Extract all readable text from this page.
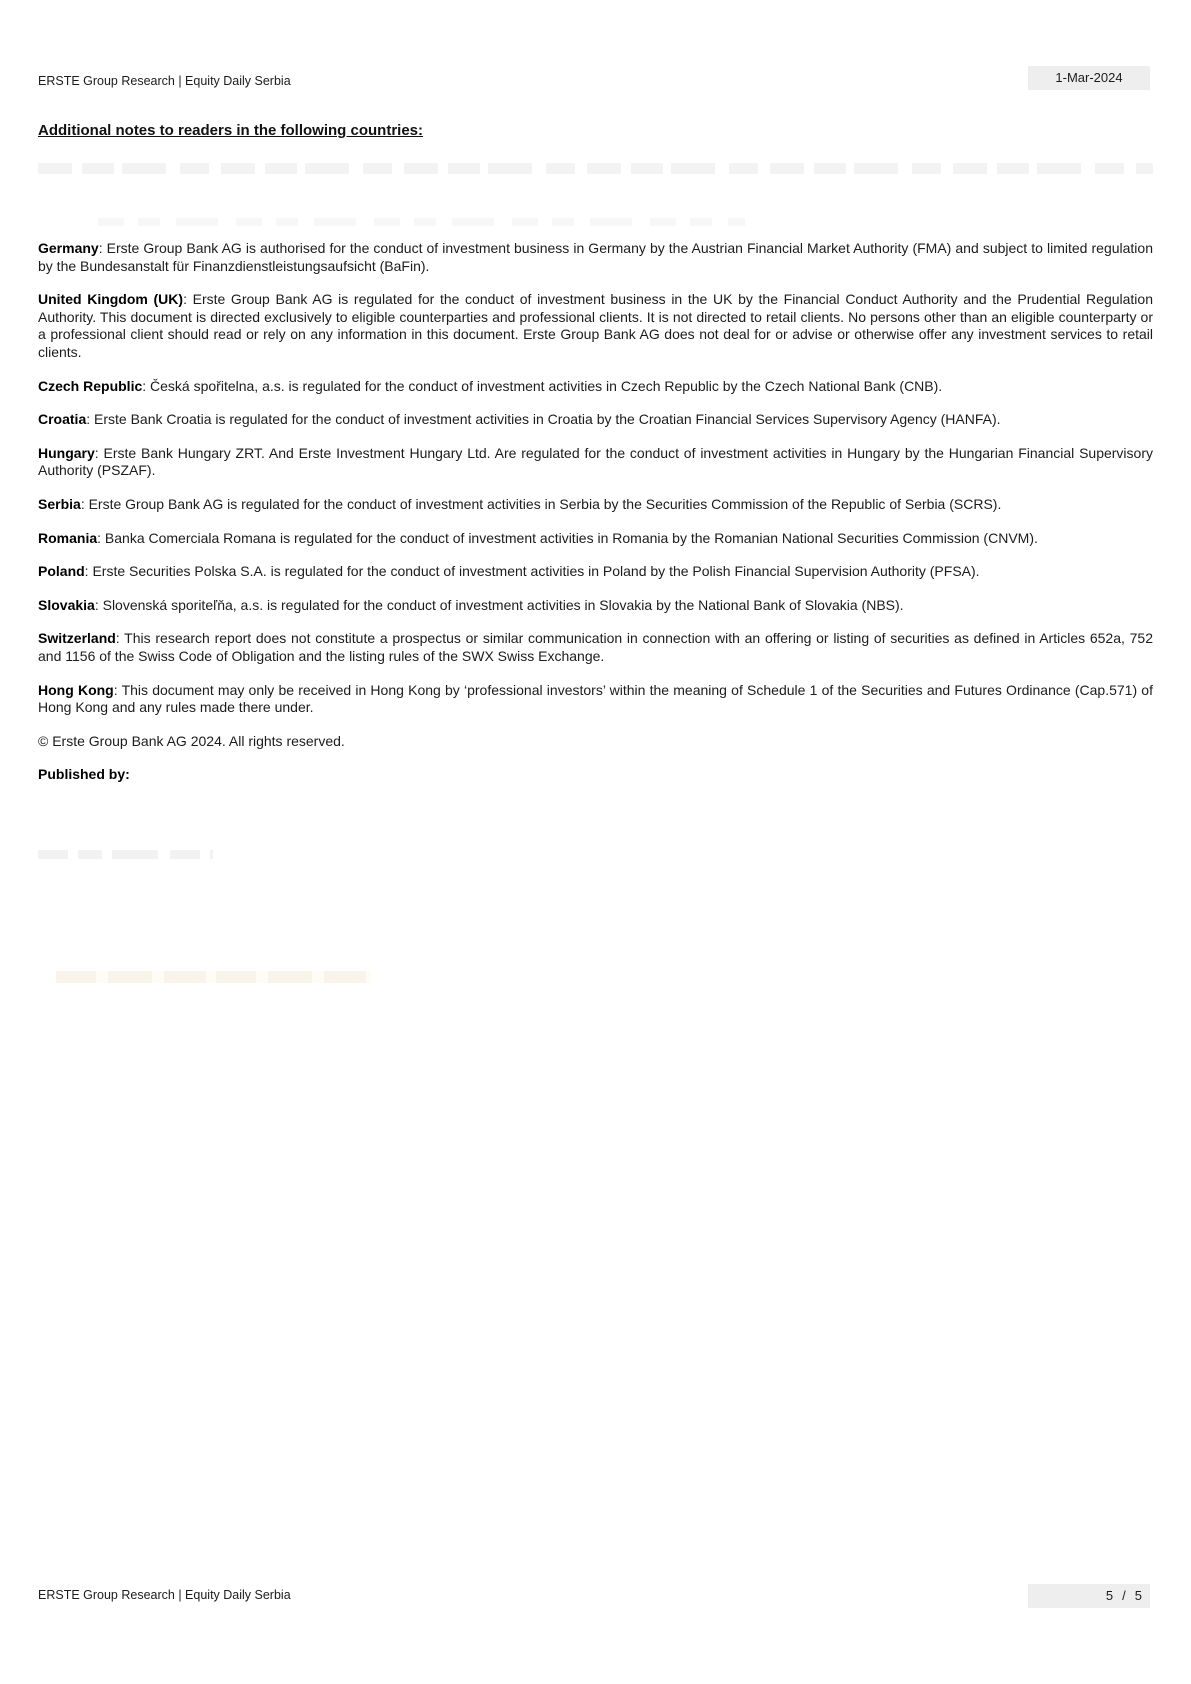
ERSTE Group Research | Equity Daily Serbia	1-Mar-2024
Additional notes to readers in the following countries:

Germany: Erste Group Bank AG is authorised for the conduct of investment business in Germany by the Austrian Financial Market Authority (FMA) and subject to limited regulation by the Bundesanstalt für Finanzdienstleistungsaufsicht (BaFin).

United Kingdom (UK): Erste Group Bank AG is regulated for the conduct of investment business in the UK by the Financial Conduct Authority and the Prudential Regulation Authority. This document is directed exclusively to eligible counterparties and professional clients. It is not directed to retail clients. No persons other than an eligible counterparty or a professional client should read or rely on any information in this document. Erste Group Bank AG does not deal for or advise or otherwise offer any investment services to retail clients.

Czech Republic: Česká spořitelna, a.s. is regulated for the conduct of investment activities in Czech Republic by the Czech National Bank (CNB).

Croatia: Erste Bank Croatia is regulated for the conduct of investment activities in Croatia by the Croatian Financial Services Supervisory Agency (HANFA).

Hungary: Erste Bank Hungary ZRT. And Erste Investment Hungary Ltd. Are regulated for the conduct of investment activities in Hungary by the Hungarian Financial Supervisory Authority (PSZAF).

Serbia: Erste Group Bank AG is regulated for the conduct of investment activities in Serbia by the Securities Commission of the Republic of Serbia (SCRS).

Romania: Banka Comerciala Romana is regulated for the conduct of investment activities in Romania by the Romanian National Securities Commission (CNVM).

Poland: Erste Securities Polska S.A. is regulated for the conduct of investment activities in Poland by the Polish Financial Supervision Authority (PFSA).

Slovakia: Slovenská sporiteľňa, a.s. is regulated for the conduct of investment activities in Slovakia by the National Bank of Slovakia (NBS).

Switzerland: This research report does not constitute a prospectus or similar communication in connection with an offering or listing of securities as defined in Articles 652a, 752 and 1156 of the Swiss Code of Obligation and the listing rules of the SWX Swiss Exchange.

Hong Kong: This document may only be received in Hong Kong by ‘professional investors’ within the meaning of Schedule 1 of the Securities and Futures Ordinance (Cap.571) of Hong Kong and any rules made there under.

© Erste Group Bank AG 2024. All rights reserved.

Published by:

ERSTE Group Research | Equity Daily Serbia	5 / 5
